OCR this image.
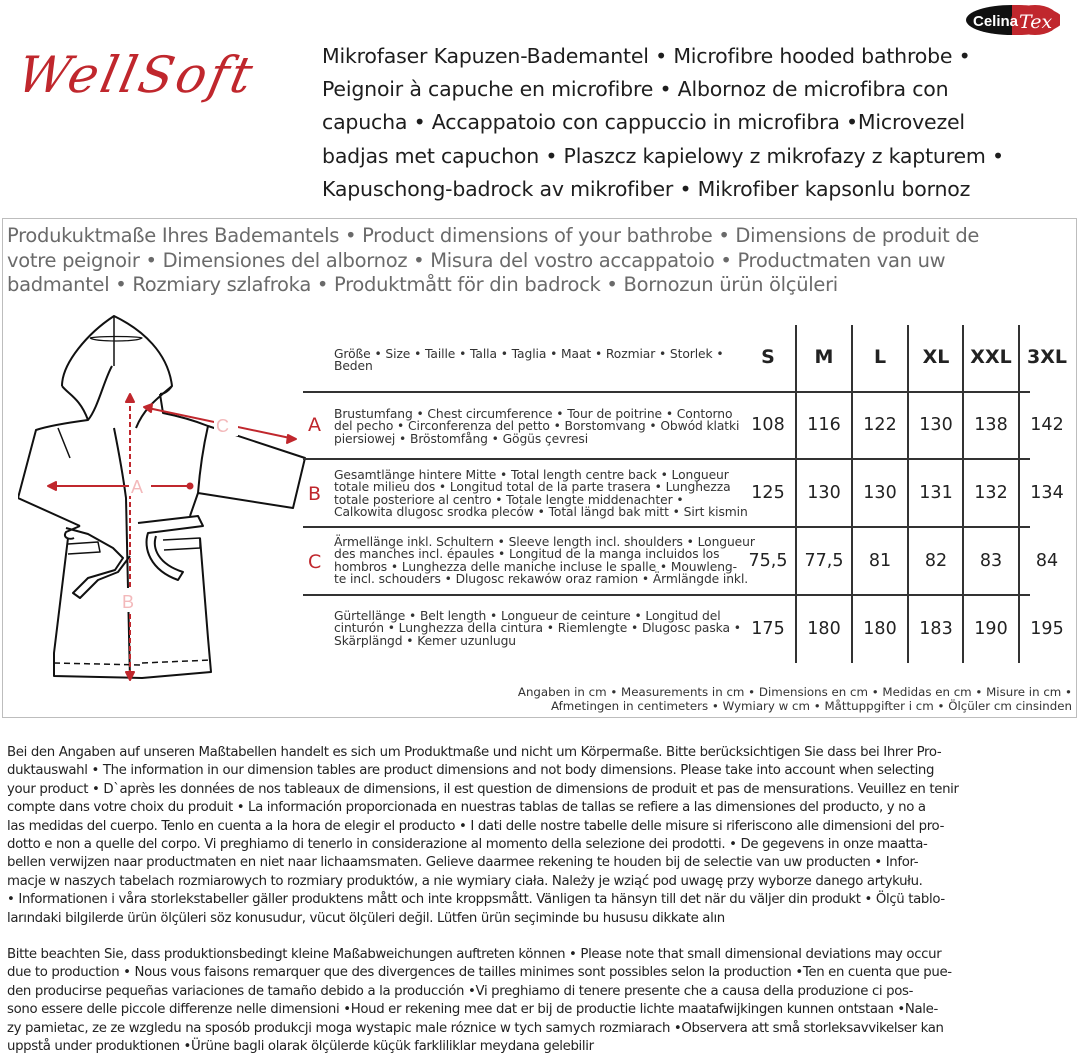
WellSoft
Celina Tex
Mikrofaser Kapuzen-Bademantel • Microfibre hooded bathrobe •
Peignoir à capuche en microfibre • Albornoz de microfibra con
capucha • Accappatoio con cappuccio in microfibra •Microvezel
badjas met capuchon • Plaszcz kapielowy z mikrofazy z kapturem •
Kapuschong-badrock av mikrofiber • Mikrofiber kapsonlu bornoz
Produkuktmaße Ihres Bademantels • Product dimensions of your bathrobe • Dimensions de produit de
votre peignoir • Dimensiones del albornoz • Misura del vostro accappatoio • Productmaten van uw
badmantel • Rozmiary szlafroka • Produktmått för din badrock • Bornozun ürün ölçüleri
A
B
C
Größe • Size • Taille • Talla • Taglia • Maat • Rozmiar • Storlek •
Beden	S	M	L	XL	XXL 3XL
A Brustumfang • Chest circumference • Tour de poitrine • Contorno
del pecho • Circonferenza del petto • Borstomvang • Obwód klatki
piersiowej • Bröstomfång • Gögüs çevresi
108	116	122	130	138	142
B
Gesamtlänge hintere Mitte • Total length centre back • Longueur
totale milieu dos • Longitud total de la parte trasera • Lunghezza
totale posteriore al centro • Totale lengte middenachter •
Calkowita dlugosc srodka pleców • Total längd bak mitt • Sirt kismin
125	130	130	131	132	134
C
Ärmellänge inkl. Schultern • Sleeve length incl. shoulders • Longueur
des manches incl. épaules • Longitud de la manga incluidos los
hombros • Lunghezza delle maniche incluse le spalle • Mouwleng-
te incl. schouders • Dlugosc rekawów oraz ramion • Ärmlängde inkl.
75,5 77,5	81	82	83	84
Gürtellänge • Belt length • Longueur de ceinture • Longitud del
cinturón • Lunghezza della cintura • Riemlengte • Dlugosc paska •
Skärplängd • Kemer uzunlugu
175	180	180	183	190	195
Angaben in cm • Measurements in cm • Dimensions en cm • Medidas en cm • Misure in cm •
Afmetingen in centimeters • Wymiary w cm • Måttuppgifter i cm • Ölçüler cm cinsinden
Bei den Angaben auf unseren Maßtabellen handelt es sich um Produktmaße und nicht um Körpermaße. Bitte berücksichtigen Sie dass bei Ihrer Pro-
duktauswahl • The information in our dimension tables are product dimensions and not body dimensions. Please take into account when selecting
your product • D`après les données de nos tableaux de dimensions, il est question de dimensions de produit et pas de mensurations. Veuillez en tenir
compte dans votre choix du produit • La información proporcionada en nuestras tablas de tallas se refiere a las dimensiones del producto, y no a
las medidas del cuerpo. Tenlo en cuenta a la hora de elegir el producto • I dati delle nostre tabelle delle misure si riferiscono alle dimensioni del pro-
dotto e non a quelle del corpo. Vi preghiamo di tenerlo in considerazione al momento della selezione dei prodotti. • De gegevens in onze maatta-
bellen verwijzen naar productmaten en niet naar lichaamsmaten. Gelieve daarmee rekening te houden bij de selectie van uw producten • Infor-
macje w naszych tabelach rozmiarowych to rozmiary produktów, a nie wymiary ciała. Należy je wziąć pod uwagę przy wyborze danego artykułu.
• Informationen i våra storlekstabeller gäller produktens mått och inte kroppsmått. Vänligen ta hänsyn till det när du väljer din produkt • Ölçü tablo-
larındaki bilgilerde ürün ölçüleri söz konusudur, vücut ölçüleri değil. Lütfen ürün seçiminde bu hususu dikkate alın
Bitte beachten Sie, dass produktionsbedingt kleine Maßabweichungen auftreten können • Please note that small dimensional deviations may occur
due to production • Nous vous faisons remarquer que des divergences de tailles minimes sont possibles selon la production •Ten en cuenta que pue-
den producirse pequeñas variaciones de tamaño debido a la producción •Vi preghiamo di tenere presente che a causa della produzione ci pos-
sono essere delle piccole differenze nelle dimensioni •Houd er rekening mee dat er bij de productie lichte maatafwijkingen kunnen ontstaan •Nale-
zy pamietac, ze ze wzgledu na sposób produkcji moga wystapic male róznice w tych samych rozmiarach •Observera att små storleksavvikelser kan
uppstå under produktionen •Ürüne bagli olarak ölçülerde küçük farkliliklar meydana gelebilir
